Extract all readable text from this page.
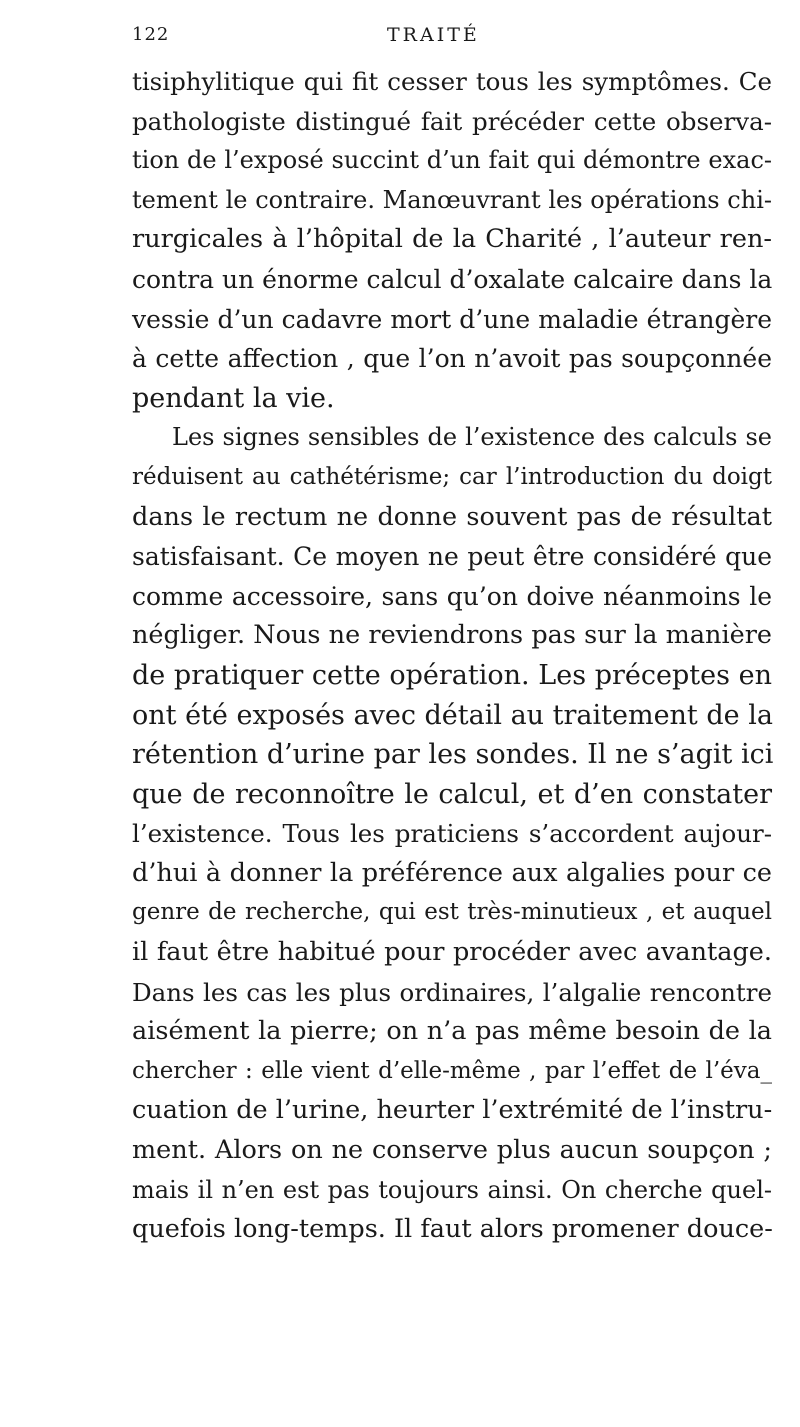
122	TRAITÉ
tisiphylitique qui fit cesser tous les symptômes. Ce
pathologiste distingué fait précéder cette observa-
tion de l’exposé succint d’un fait qui démontre exac-
tement le contraire. Manœuvrant les opérations chi-
rurgicales à l’hôpital de la Charité , l’auteur ren-
contra un énorme calcul d’oxalate calcaire dans la
vessie d’un cadavre mort d’une maladie étrangère
à cette affection , que l’on n’avoit pas soupçonnée
pendant la vie.
Les signes sensibles de l’existence des calculs se
réduisent au cathétérisme; car l’introduction du doigt
dans le rectum ne donne souvent pas de résultat
satisfaisant. Ce moyen ne peut être considéré que
comme accessoire, sans qu’on doive néanmoins le
négliger. Nous ne reviendrons pas sur la manière
de pratiquer cette opération. Les préceptes en
ont été exposés avec détail au traitement de la
rétention d’urine par les sondes. Il ne s’agit ici
que de reconnoître le calcul, et d’en constater
l’existence. Tous les praticiens s’accordent aujour-
d’hui à donner la préférence aux algalies pour ce
genre de recherche, qui est très-minutieux , et auquel
il faut être habitué pour procéder avec avantage.
Dans les cas les plus ordinaires, l’algalie rencontre
aisément la pierre; on n’a pas même besoin de la
chercher : elle vient d’elle-même , par l’effet de l’éva_
cuation de l’urine, heurter l’extrémité de l’instru-
ment. Alors on ne conserve plus aucun soupçon ;
mais il n’en est pas toujours ainsi. On cherche quel-
quefois long-temps. Il faut alors promener douce-
